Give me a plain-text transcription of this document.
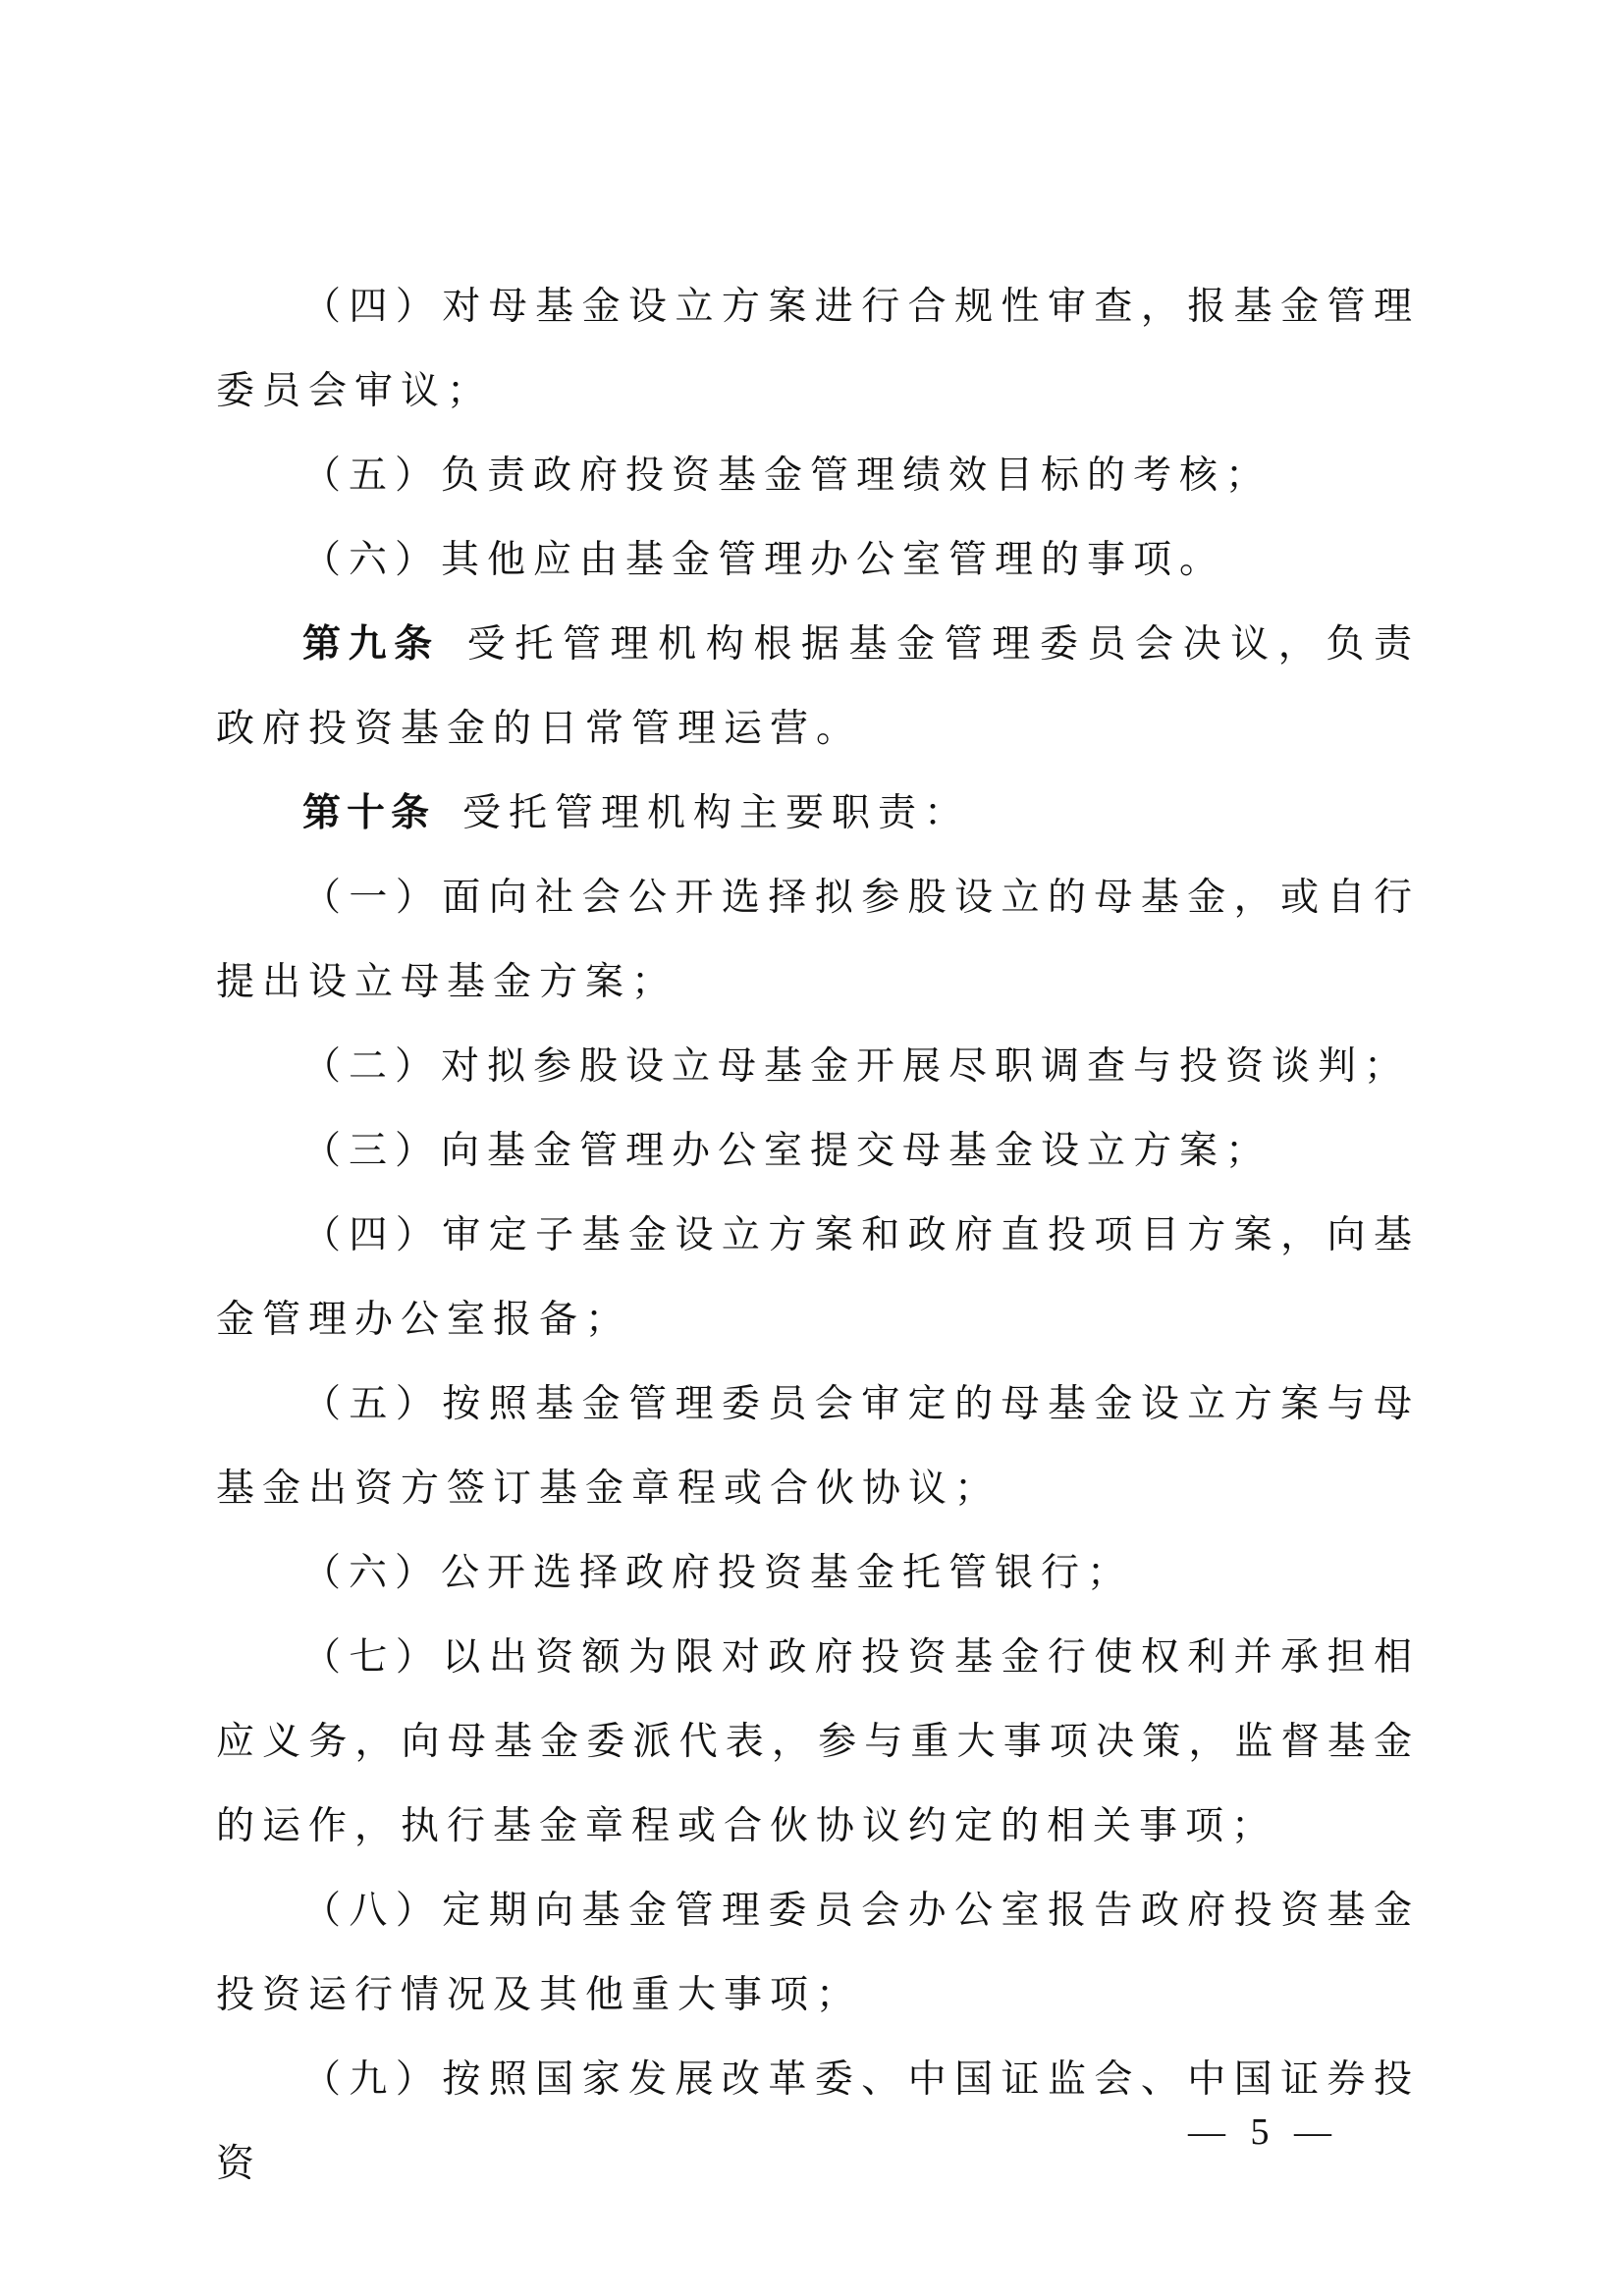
（四）对母基金设立方案进行合规性审查，报基金管理委员会审议；

（五）负责政府投资基金管理绩效目标的考核；

（六）其他应由基金管理办公室管理的事项。

第九条 受托管理机构根据基金管理委员会决议，负责政府投资基金的日常管理运营。

第十条 受托管理机构主要职责：

（一）面向社会公开选择拟参股设立的母基金，或自行提出设立母基金方案；

（二）对拟参股设立母基金开展尽职调查与投资谈判；

（三）向基金管理办公室提交母基金设立方案；

（四）审定子基金设立方案和政府直投项目方案，向基金管理办公室报备；

（五）按照基金管理委员会审定的母基金设立方案与母基金出资方签订基金章程或合伙协议；

（六）公开选择政府投资基金托管银行；

（七）以出资额为限对政府投资基金行使权利并承担相应义务，向母基金委派代表，参与重大事项决策，监督基金的运作，执行基金章程或合伙协议约定的相关事项；

（八）定期向基金管理委员会办公室报告政府投资基金投资运行情况及其他重大事项；

（九）按照国家发展改革委、中国证监会、中国证券投资

— 5 —
